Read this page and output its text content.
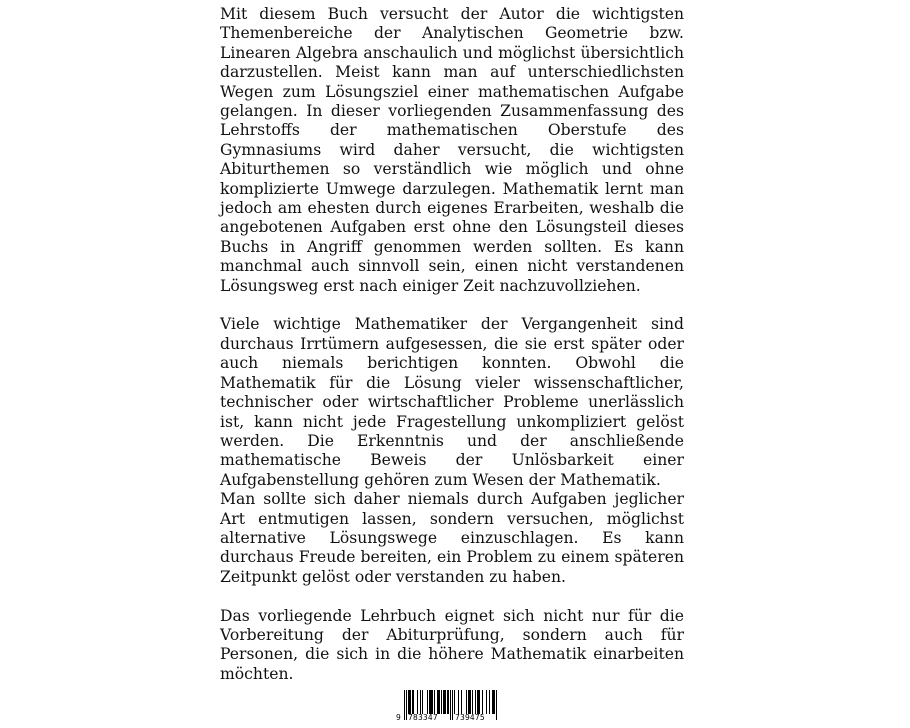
Mit diesem Buch versucht der Autor die wichtigsten Themenbereiche der Analytischen Geometrie bzw. Linearen Algebra anschaulich und möglichst übersichtlich darzustellen. Meist kann man auf unterschiedlichsten Wegen zum Lösungsziel einer mathematischen Aufgabe gelangen. In dieser vorliegenden Zusammenfassung des Lehrstoffs der mathematischen Oberstufe des Gymnasiums wird daher versucht, die wichtigsten Abiturthemen so verständlich wie möglich und ohne komplizierte Umwege darzulegen. Mathematik lernt man jedoch am ehesten durch eigenes Erarbeiten, weshalb die angebotenen Aufgaben erst ohne den Lösungsteil dieses Buchs in Angriff genommen werden sollten. Es kann manchmal auch sinnvoll sein, einen nicht verstandenen Lösungsweg erst nach einiger Zeit nachzuvollziehen.

Viele wichtige Mathematiker der Vergangenheit sind durchaus Irrtümern aufgesessen, die sie erst später oder auch niemals berichtigen konnten. Obwohl die Mathematik für die Lösung vieler wissenschaftlicher, technischer oder wirtschaftlicher Probleme unerlässlich ist, kann nicht jede Fragestellung unkompliziert gelöst werden. Die Erkenntnis und der anschließende mathematische Beweis der Unlösbarkeit einer Aufgabenstellung gehören zum Wesen der Mathematik.

Man sollte sich daher niemals durch Aufgaben jeglicher Art entmutigen lassen, sondern versuchen, möglichst alternative Lösungswege einzuschlagen. Es kann durchaus Freude bereiten, ein Problem zu einem späteren Zeitpunkt gelöst oder verstanden zu haben.

Das vorliegende Lehrbuch eignet sich nicht nur für die Vorbereitung der Abiturprüfung, sondern auch für Personen, die sich in die höhere Mathematik einarbeiten möchten.

9 783347 739475
